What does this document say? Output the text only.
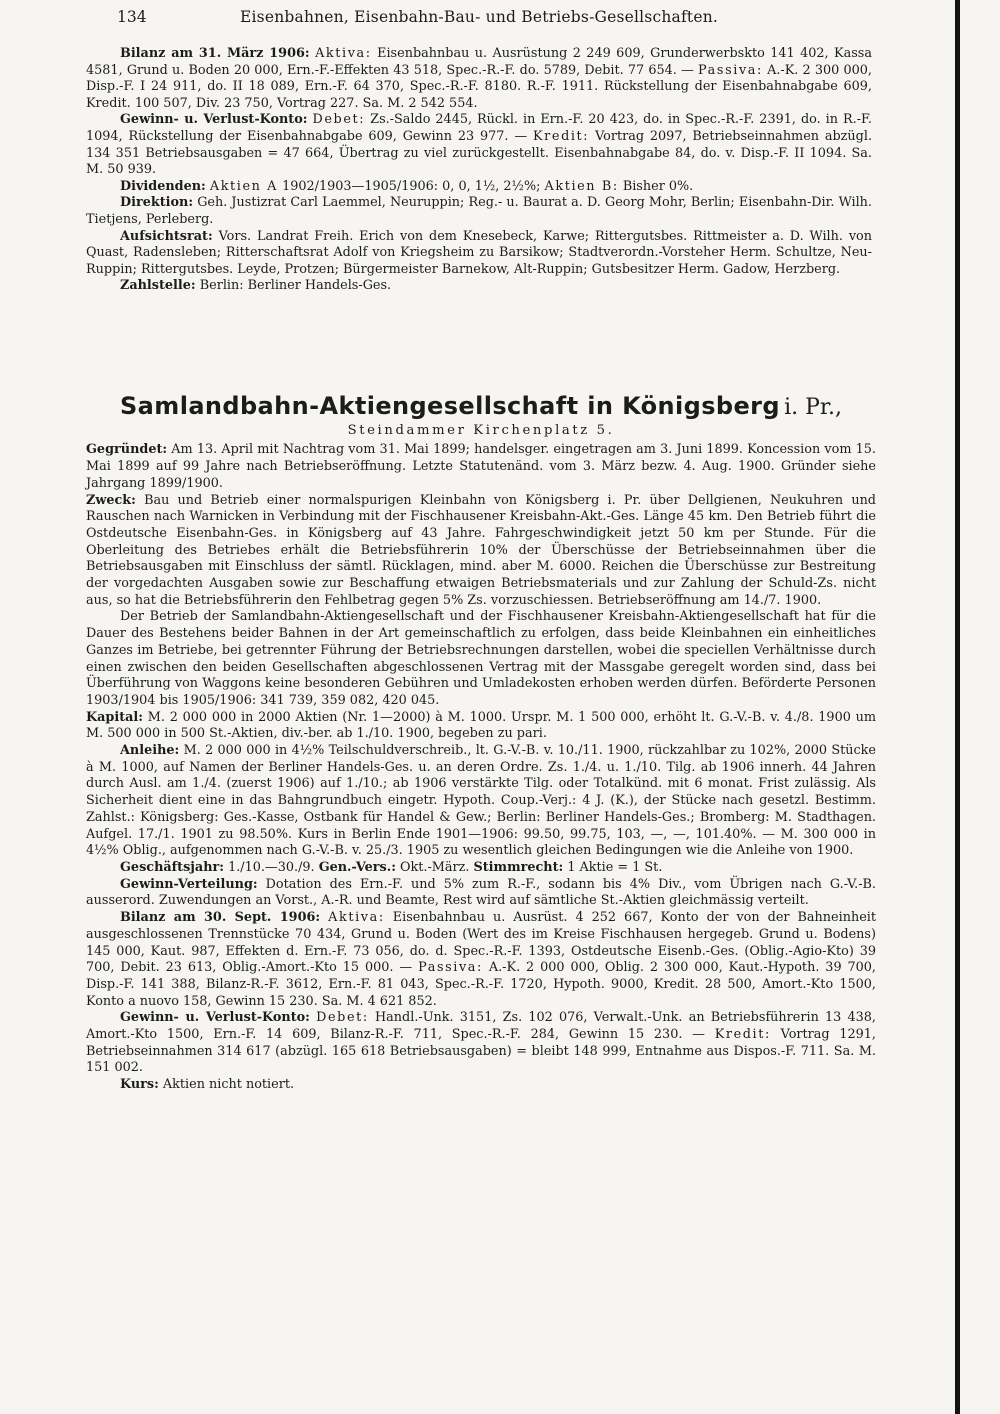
134	Eisenbahnen, Eisenbahn-Bau- und Betriebs-Gesellschaften.

Bilanz am 31. März 1906: Aktiva: Eisenbahnbau u. Ausrüstung 2 249 609, Grunderwerbskto 141 402, Kassa 4581, Grund u. Boden 20 000, Ern.-F.-Effekten 43 518, Spec.-R.-F. do. 5789, Debit. 77 654. — Passiva: A.-K. 2 300 000, Disp.-F. I 24 911, do. II 18 089, Ern.-F. 64 370, Spec.-R.-F. 8180. R.-F. 1911. Rückstellung der Eisenbahnabgabe 609, Kredit. 100 507, Div. 23 750, Vortrag 227. Sa. M. 2 542 554.

Gewinn- u. Verlust-Konto: Debet: Zs.-Saldo 2445, Rückl. in Ern.-F. 20 423, do. in Spec.-R.-F. 2391, do. in R.-F. 1094, Rückstellung der Eisenbahnabgabe 609, Gewinn 23 977. — Kredit: Vortrag 2097, Betriebseinnahmen abzügl. 134 351 Betriebsausgaben = 47 664, Übertrag zu viel zurückgestellt. Eisenbahnabgabe 84, do. v. Disp.-F. II 1094. Sa. M. 50 939.

Dividenden: Aktien A 1902/1903—1905/1906: 0, 0, 1½, 2½%; Aktien B: Bisher 0%.

Direktion: Geh. Justizrat Carl Laemmel, Neuruppin; Reg.- u. Baurat a. D. Georg Mohr, Berlin; Eisenbahn-Dir. Wilh. Tietjens, Perleberg.

Aufsichtsrat: Vors. Landrat Freih. Erich von dem Knesebeck, Karwe; Rittergutsbes. Rittmeister a. D. Wilh. von Quast, Radensleben; Ritterschaftsrat Adolf von Kriegsheim zu Barsikow; Stadtverordn.-Vorsteher Herm. Schultze, Neu-Ruppin; Rittergutsbes. Leyde, Protzen; Bürgermeister Barnekow, Alt-Ruppin; Gutsbesitzer Herm. Gadow, Herzberg.

Zahlstelle: Berlin: Berliner Handels-Ges.

Samlandbahn-Aktiengesellschaft in Königsberg i. Pr.,
Steindammer Kirchenplatz 5.

Gegründet: Am 13. April mit Nachtrag vom 31. Mai 1899; handelsger. eingetragen am 3. Juni 1899. Koncession vom 15. Mai 1899 auf 99 Jahre nach Betriebseröffnung. Letzte Statutenänd. vom 3. März bezw. 4. Aug. 1900. Gründer siehe Jahrgang 1899/1900.

Zweck: Bau und Betrieb einer normalspurigen Kleinbahn von Königsberg i. Pr. über Dellgienen, Neukuhren und Rauschen nach Warnicken in Verbindung mit der Fischhausener Kreisbahn-Akt.-Ges. Länge 45 km. Den Betrieb führt die Ostdeutsche Eisenbahn-Ges. in Königsberg auf 43 Jahre. Fahrgeschwindigkeit jetzt 50 km per Stunde. Für die Oberleitung des Betriebes erhält die Betriebsführerin 10% der Überschüsse der Betriebseinnahmen über die Betriebsausgaben mit Einschluss der sämtl. Rücklagen, mind. aber M. 6000. Reichen die Überschüsse zur Bestreitung der vorgedachten Ausgaben sowie zur Beschaffung etwaigen Betriebsmaterials und zur Zahlung der Schuld-Zs. nicht aus, so hat die Betriebsführerin den Fehlbetrag gegen 5% Zs. vorzuschiessen. Betriebseröffnung am 14./7. 1900.

Der Betrieb der Samlandbahn-Aktiengesellschaft und der Fischhausener Kreisbahn-Aktiengesellschaft hat für die Dauer des Bestehens beider Bahnen in der Art gemeinschaftlich zu erfolgen, dass beide Kleinbahnen ein einheitliches Ganzes im Betriebe, bei getrennter Führung der Betriebsrechnungen darstellen, wobei die speciellen Verhältnisse durch einen zwischen den beiden Gesellschaften abgeschlossenen Vertrag mit der Massgabe geregelt worden sind, dass bei Überführung von Waggons keine besonderen Gebühren und Umladekosten erhoben werden dürfen. Beförderte Personen 1903/1904 bis 1905/1906: 341 739, 359 082, 420 045.

Kapital: M. 2 000 000 in 2000 Aktien (Nr. 1—2000) à M. 1000. Urspr. M. 1 500 000, erhöht lt. G.-V.-B. v. 4./8. 1900 um M. 500 000 in 500 St.-Aktien, div.-ber. ab 1./10. 1900, begeben zu pari.

Anleihe: M. 2 000 000 in 4½% Teilschuldverschreib., lt. G.-V.-B. v. 10./11. 1900, rückzahlbar zu 102%, 2000 Stücke à M. 1000, auf Namen der Berliner Handels-Ges. u. an deren Ordre. Zs. 1./4. u. 1./10. Tilg. ab 1906 innerh. 44 Jahren durch Ausl. am 1./4. (zuerst 1906) auf 1./10.; ab 1906 verstärkte Tilg. oder Totalkünd. mit 6 monat. Frist zulässig. Als Sicherheit dient eine in das Bahngrundbuch eingetr. Hypoth. Coup.-Verj.: 4 J. (K.), der Stücke nach gesetzl. Bestimm. Zahlst.: Königsberg: Ges.-Kasse, Ostbank für Handel & Gew.; Berlin: Berliner Handels-Ges.; Bromberg: M. Stadthagen. Aufgel. 17./1. 1901 zu 98.50%. Kurs in Berlin Ende 1901—1906: 99.50, 99.75, 103, —, —, 101.40%. — M. 300 000 in 4½% Oblig., aufgenommen nach G.-V.-B. v. 25./3. 1905 zu wesentlich gleichen Bedingungen wie die Anleihe von 1900.

Geschäftsjahr: 1./10.—30./9. Gen.-Vers.: Okt.-März. Stimmrecht: 1 Aktie = 1 St.

Gewinn-Verteilung: Dotation des Ern.-F. und 5% zum R.-F., sodann bis 4% Div., vom Übrigen nach G.-V.-B. ausserord. Zuwendungen an Vorst., A.-R. und Beamte, Rest wird auf sämtliche St.-Aktien gleichmässig verteilt.

Bilanz am 30. Sept. 1906: Aktiva: Eisenbahnbau u. Ausrüst. 4 252 667, Konto der von der Bahneinheit ausgeschlossenen Trennstücke 70 434, Grund u. Boden (Wert des im Kreise Fischhausen hergegeb. Grund u. Bodens) 145 000, Kaut. 987, Effekten d. Ern.-F. 73 056, do. d. Spec.-R.-F. 1393, Ostdeutsche Eisenb.-Ges. (Oblig.-Agio-Kto) 39 700, Debit. 23 613, Oblig.-Amort.-Kto 15 000. — Passiva: A.-K. 2 000 000, Oblig. 2 300 000, Kaut.-Hypoth. 39 700, Disp.-F. 141 388, Bilanz-R.-F. 3612, Ern.-F. 81 043, Spec.-R.-F. 1720, Hypoth. 9000, Kredit. 28 500, Amort.-Kto 1500, Konto a nuovo 158, Gewinn 15 230. Sa. M. 4 621 852.

Gewinn- u. Verlust-Konto: Debet: Handl.-Unk. 3151, Zs. 102 076, Verwalt.-Unk. an Betriebsführerin 13 438, Amort.-Kto 1500, Ern.-F. 14 609, Bilanz-R.-F. 711, Spec.-R.-F. 284, Gewinn 15 230. — Kredit: Vortrag 1291, Betriebseinnahmen 314 617 (abzügl. 165 618 Betriebsausgaben) = bleibt 148 999, Entnahme aus Dispos.-F. 711. Sa. M. 151 002.

Kurs: Aktien nicht notiert.
